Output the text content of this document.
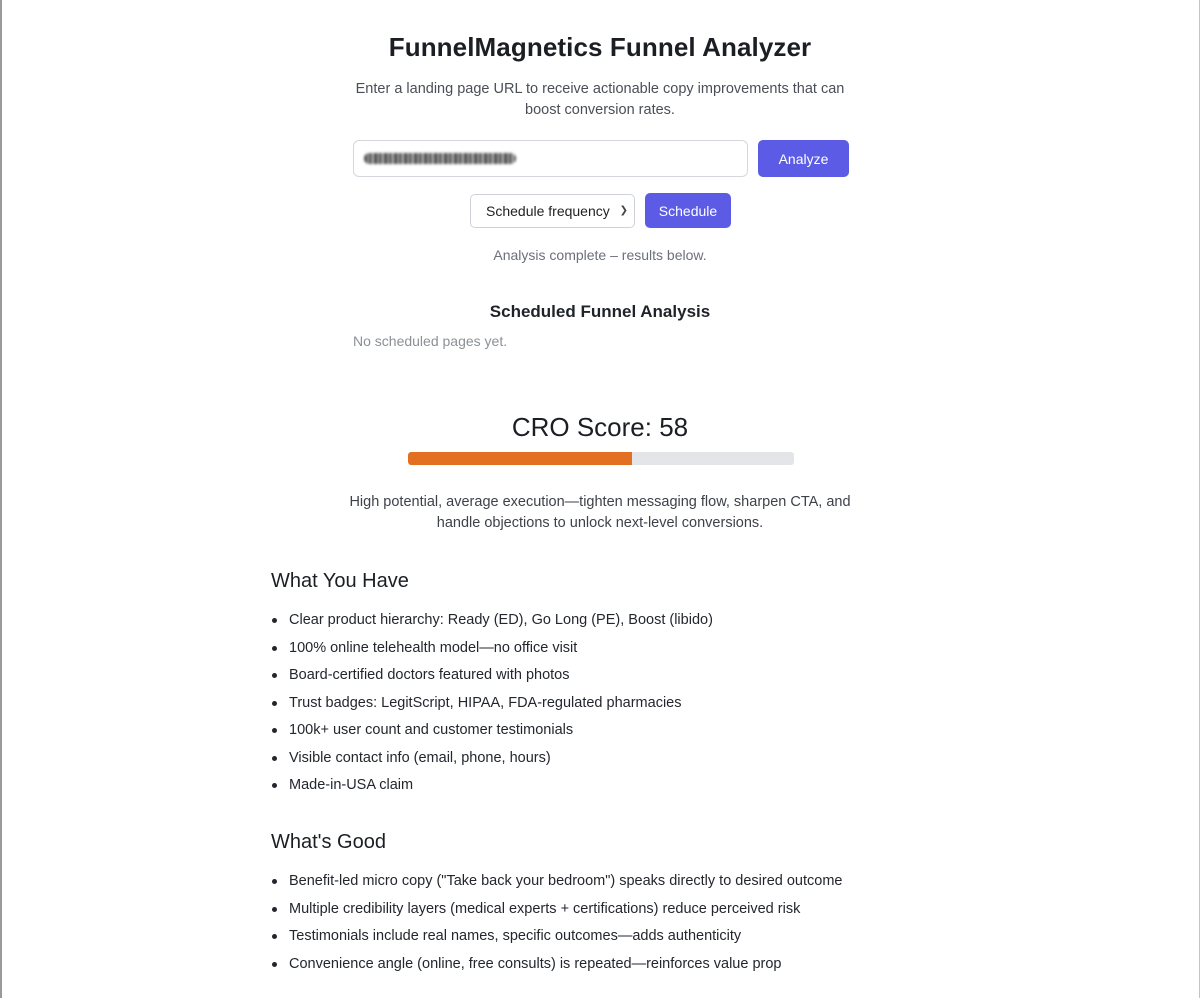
FunnelMagnetics Funnel Analyzer
Enter a landing page URL to receive actionable copy improvements that can boost conversion rates.
Analyze
Schedule frequency ❯	Schedule
Analysis complete – results below.
Scheduled Funnel Analysis
No scheduled pages yet.
CRO Score: 58
High potential, average execution—tighten messaging flow, sharpen CTA, and handle objections to unlock next-level conversions.
What You Have
Clear product hierarchy: Ready (ED), Go Long (PE), Boost (libido)
100% online telehealth model—no office visit
Board-certified doctors featured with photos
Trust badges: LegitScript, HIPAA, FDA-regulated pharmacies
100k+ user count and customer testimonials
Visible contact info (email, phone, hours)
Made-in-USA claim
What's Good
Benefit-led micro copy ("Take back your bedroom") speaks directly to desired outcome
Multiple credibility layers (medical experts + certifications) reduce perceived risk
Testimonials include real names, specific outcomes—adds authenticity
Convenience angle (online, free consults) is repeated—reinforces value prop
